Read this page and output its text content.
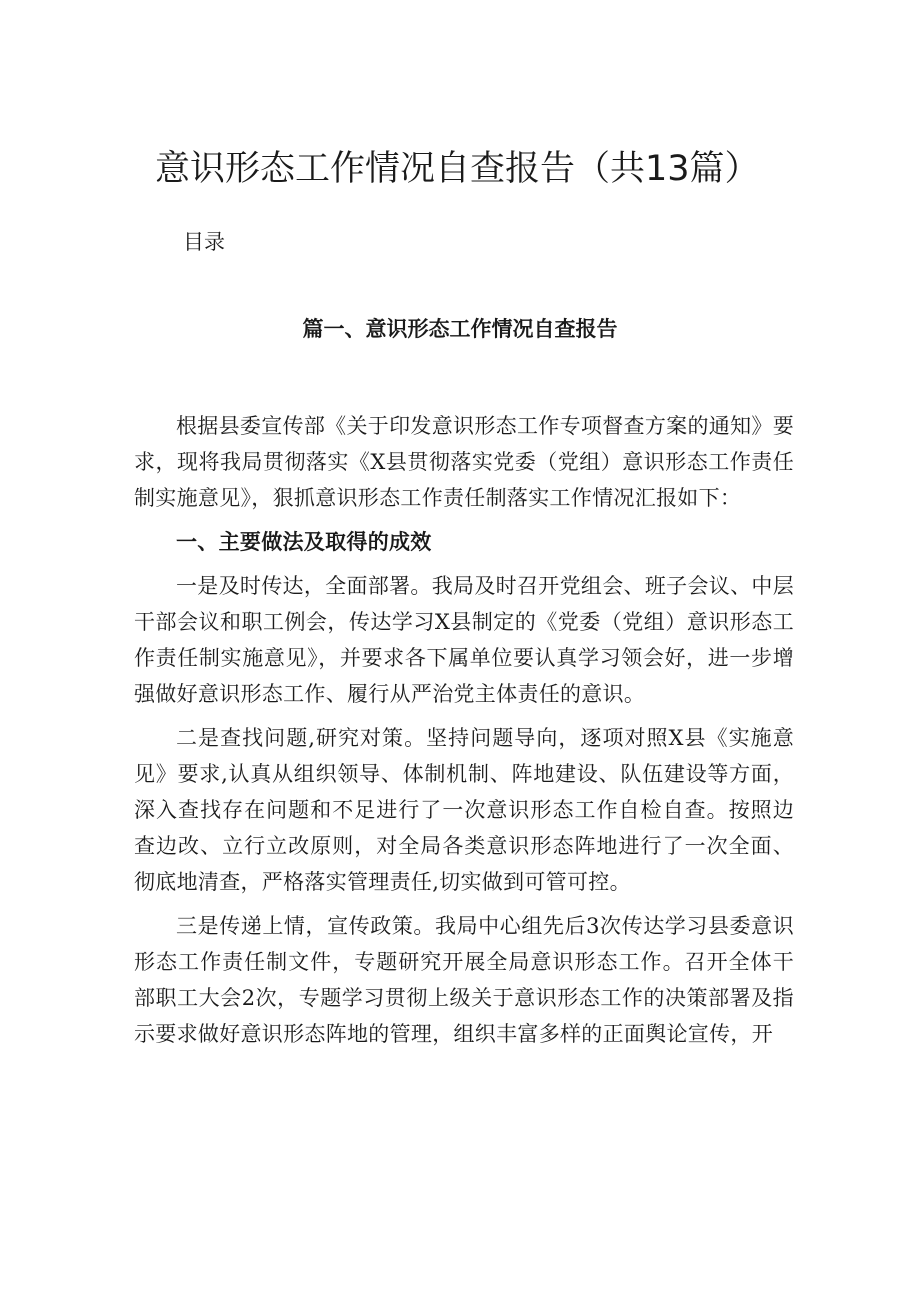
意识形态工作情况自查报告（共13篇）
目录
篇一、意识形态工作情况自查报告

根据县委宣传部《关于印发意识形态工作专项督查方案的通知》要求，现将我局贯彻落实《X县贯彻落实党委（党组）意识形态工作责任制实施意见》，狠抓意识形态工作责任制落实工作情况汇报如下：

一、主要做法及取得的成效

一是及时传达，全面部署。我局及时召开党组会、班子会议、中层干部会议和职工例会，传达学习X县制定的《党委（党组）意识形态工作责任制实施意见》，并要求各下属单位要认真学习领会好，进一步增强做好意识形态工作、履行从严治党主体责任的意识。

二是查找问题,研究对策。坚持问题导向，逐项对照X县《实施意见》要求,认真从组织领导、体制机制、阵地建设、队伍建设等方面，深入查找存在问题和不足进行了一次意识形态工作自检自查。按照边查边改、立行立改原则，对全局各类意识形态阵地进行了一次全面、彻底地清查，严格落实管理责任,切实做到可管可控。

三是传递上情，宣传政策。我局中心组先后3次传达学习县委意识形态工作责任制文件，专题研究开展全局意识形态工作。召开全体干部职工大会2次，专题学习贯彻上级关于意识形态工作的决策部署及指示要求做好意识形态阵地的管理，组织丰富多样的正面舆论宣传，开
